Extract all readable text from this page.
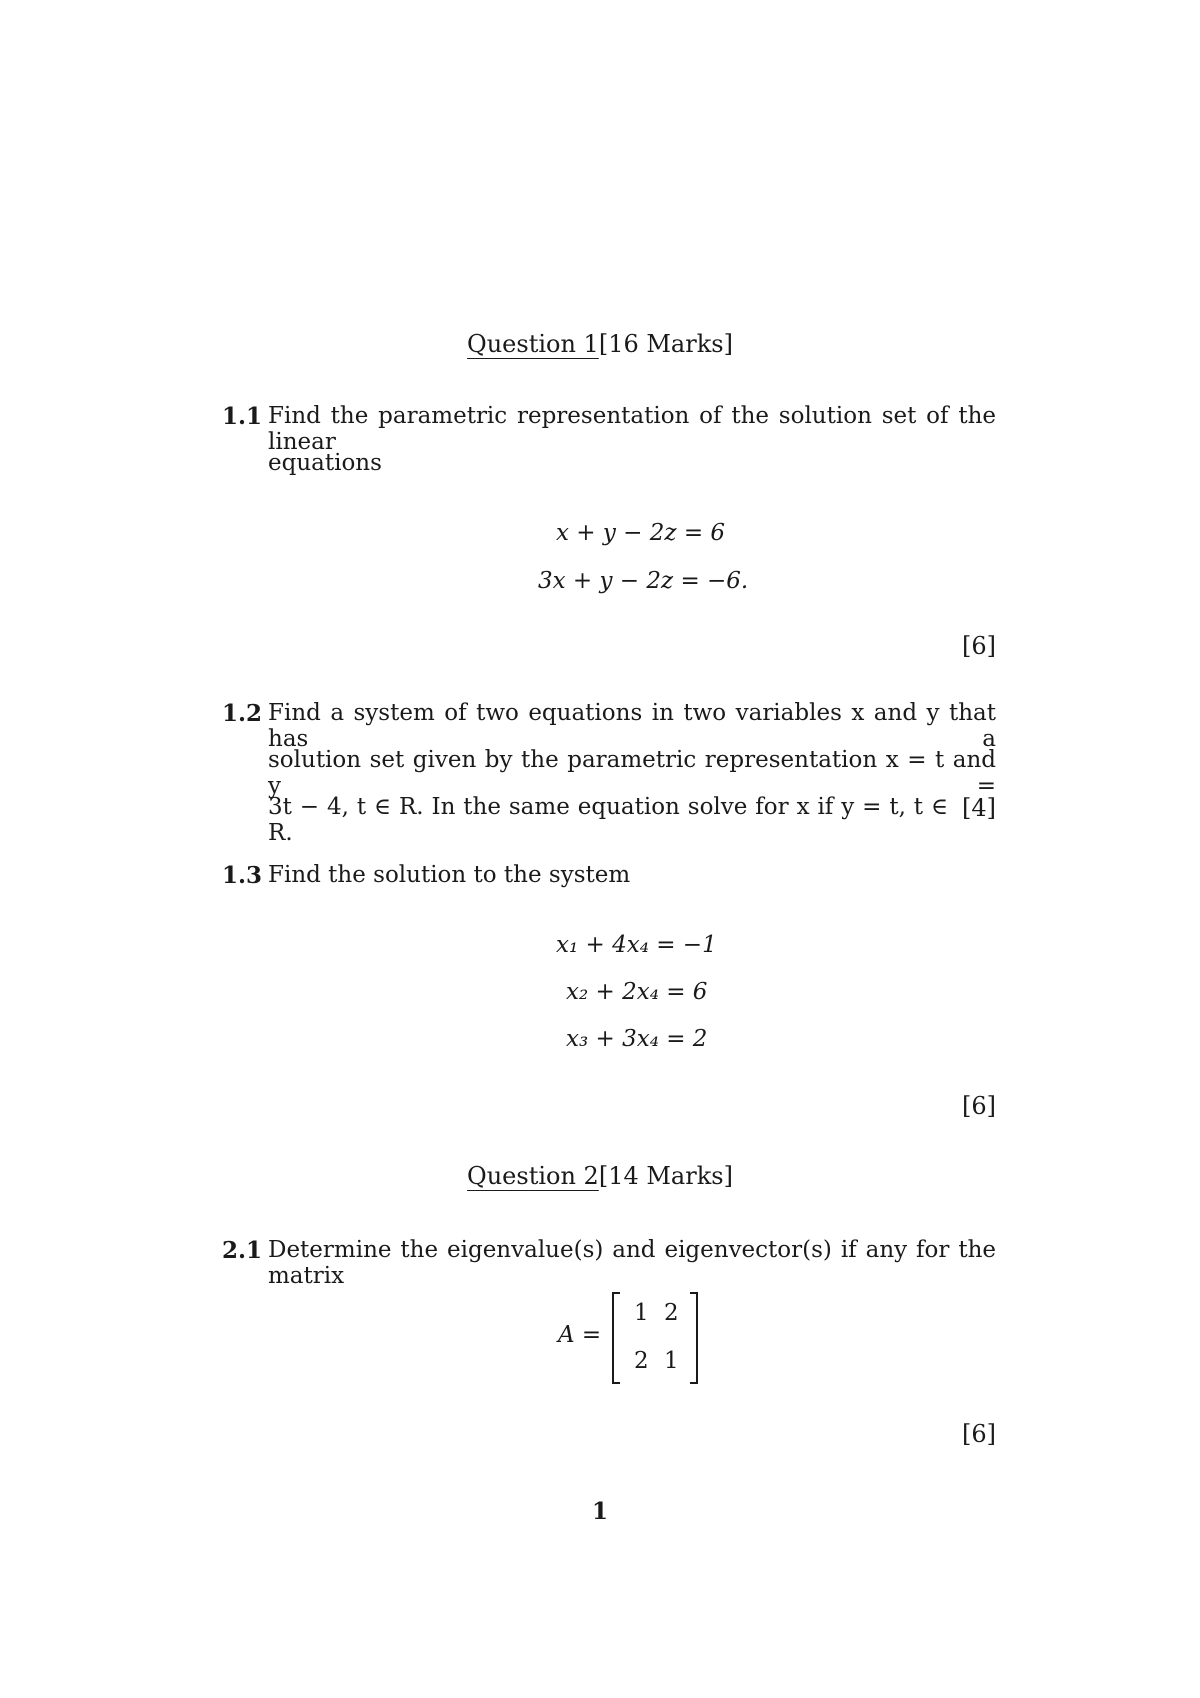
Question 1[16 Marks]
1.1 Find the parametric representation of the solution set of the linear
equations
x + y − 2z = 6
3x + y − 2z = −6.
[6]
1.2 Find a system of two equations in two variables x and y that has a
solution set given by the parametric representation x = t and y =
3t − 4, t ∈ R. In the same equation solve for x if y = t, t ∈ R.
[4]
1.3 Find the solution to the system
x₁ + 4x₄ = −1
x₂ + 2x₄ = 6
x₃ + 3x₄ = 2
[6]
Question 2[14 Marks]
2.1 Determine the eigenvalue(s) and eigenvector(s) if any for the matrix
A =
1 2
2 1
[6]
1
